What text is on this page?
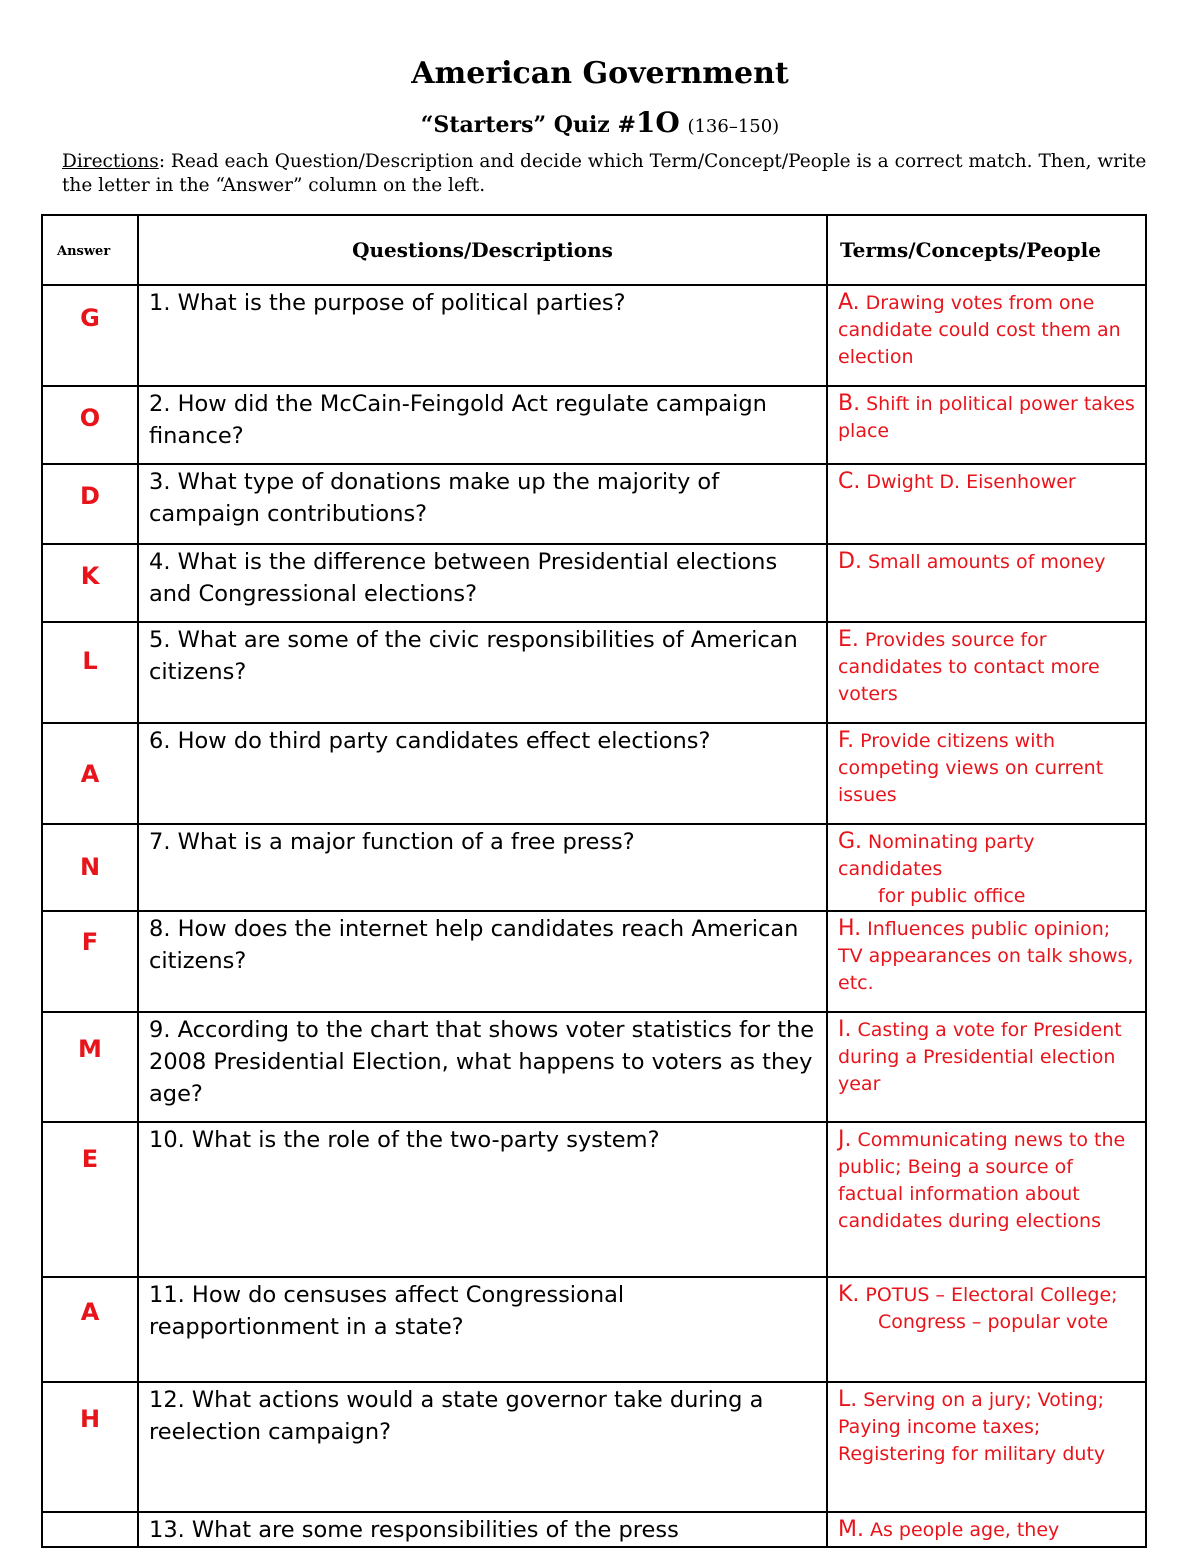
American Government
“Starters” Quiz #1O (136–150)
Directions: Read each Question/Description and decide which Term/Concept/People is a correct match. Then, write the letter in the “Answer” column on the left.
Answer	Questions/Descriptions	Terms/Concepts/People
G	1. What is the purpose of political parties?	A. Drawing votes from one candidate could cost them an election
O	2. How did the McCain-Feingold Act regulate campaign finance?	B. Shift in political power takes place
D	3. What type of donations make up the majority of campaign contributions?	C. Dwight D. Eisenhower
K	4. What is the difference between Presidential elections and Congressional elections?	D. Small amounts of money
L	5. What are some of the civic responsibilities of American citizens?	E. Provides source for candidates to contact more voters
A	6. How do third party candidates effect elections?	F. Provide citizens with competing views on current issues
N	7. What is a major function of a free press?	G. Nominating party candidates
for public office

F	8. How does the internet help candidates reach American citizens?	H. Influences public opinion; TV appearances on talk shows, etc.
M	9. According to the chart that shows voter statistics for the 2008 Presidential Election, what happens to voters as they age?	I. Casting a vote for President during a Presidential election year
E	10. What is the role of the two-party system?	J. Communicating news to the public; Being a source of factual information about candidates during elections
A	11. How do censuses affect Congressional reapportionment in a state?	K. POTUS – Electoral College;
Congress – popular vote

H	12. What actions would a state governor take during a reelection campaign?	L. Serving on a jury; Voting; Paying income taxes; Registering for military duty
	13. What are some responsibilities of the press	M. As people age, they
